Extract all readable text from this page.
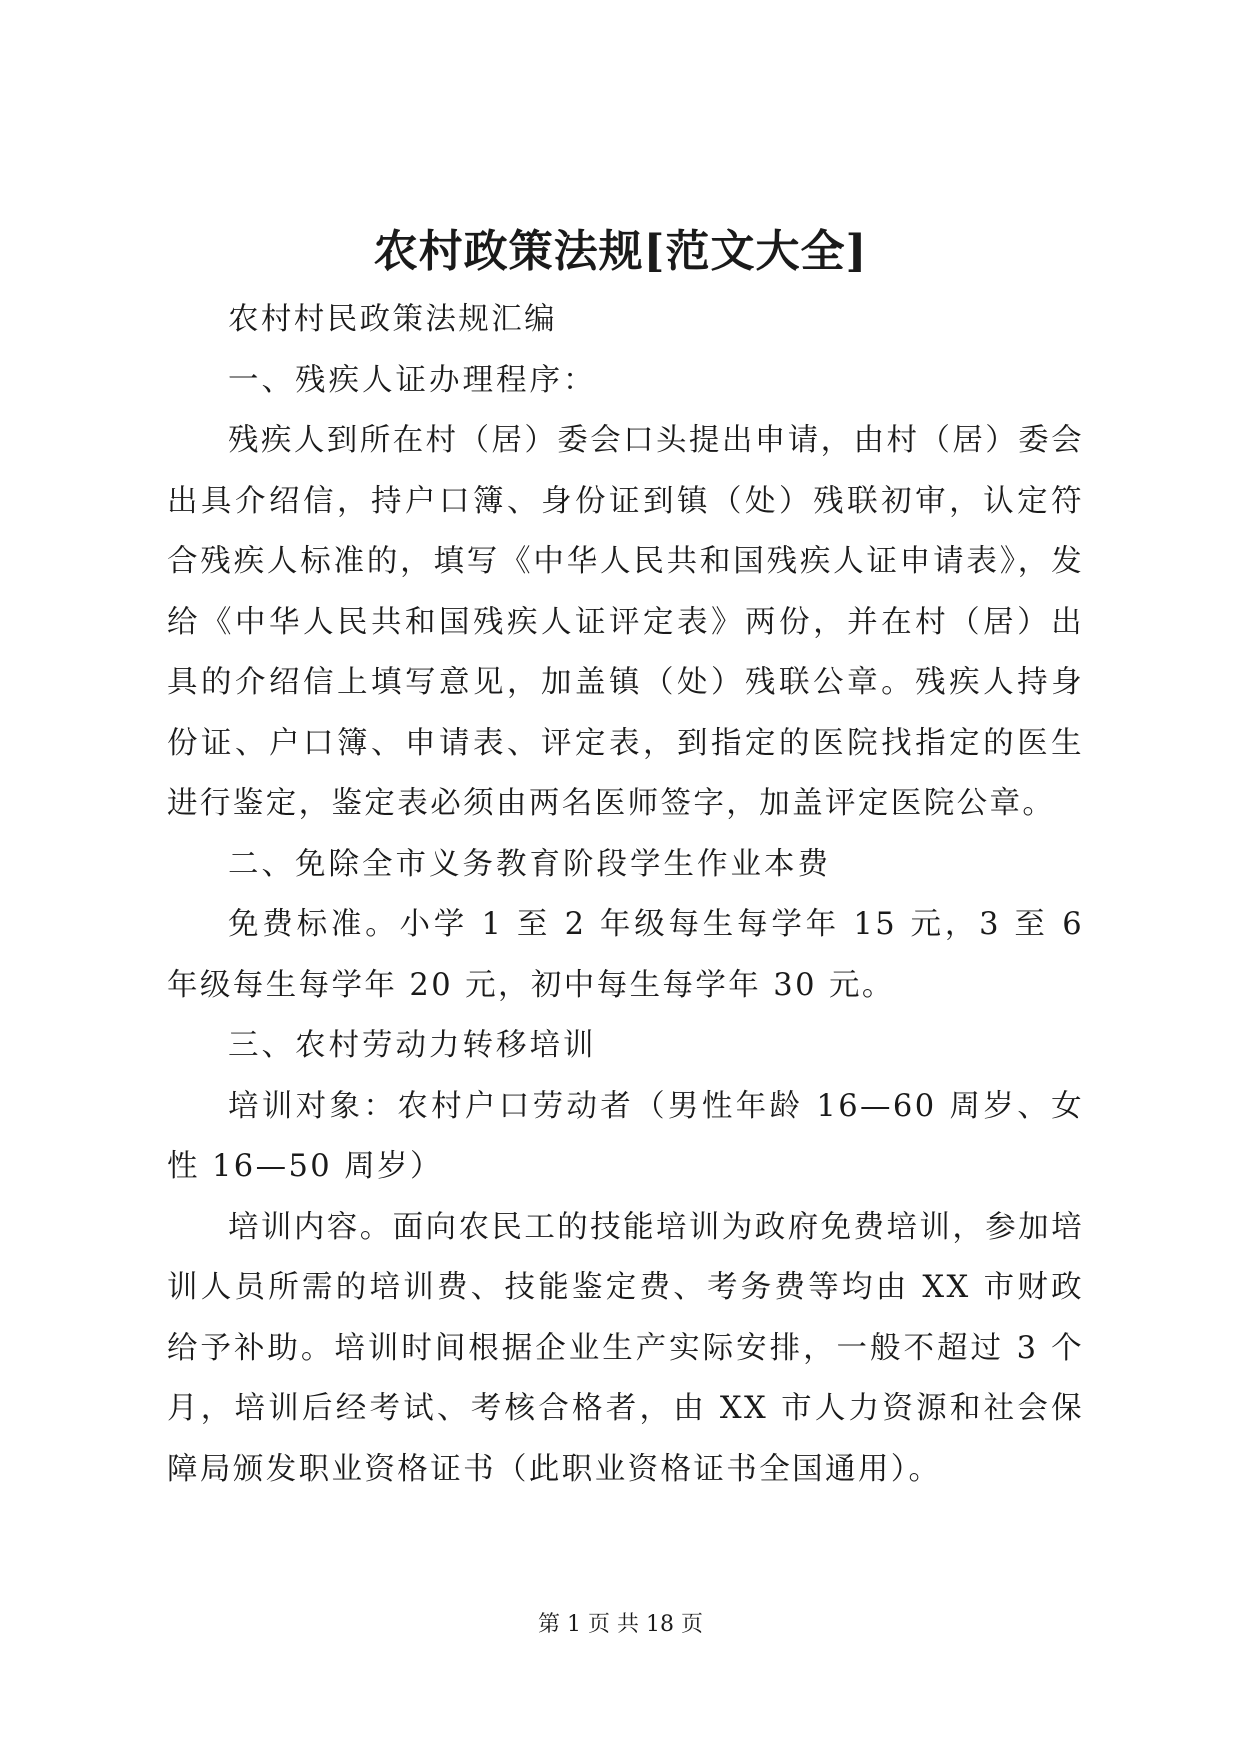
农村政策法规[范文大全]

农村村民政策法规汇编

一、残疾人证办理程序：

残疾人到所在村（居）委会口头提出申请，由村（居）委会出具介绍信，持户口簿、身份证到镇（处）残联初审，认定符合残疾人标准的，填写《中华人民共和国残疾人证申请表》，发给《中华人民共和国残疾人证评定表》两份，并在村（居）出具的介绍信上填写意见，加盖镇（处）残联公章。残疾人持身份证、户口簿、申请表、评定表，到指定的医院找指定的医生进行鉴定，鉴定表必须由两名医师签字，加盖评定医院公章。

二、免除全市义务教育阶段学生作业本费

免费标准。小学 1 至 2 年级每生每学年 15 元，3 至 6 年级每生每学年 20 元，初中每生每学年 30 元。

三、农村劳动力转移培训

培训对象：农村户口劳动者（男性年龄 16—60 周岁、女性 16—50 周岁）

培训内容。面向农民工的技能培训为政府免费培训，参加培训人员所需的培训费、技能鉴定费、考务费等均由 XX 市财政给予补助。培训时间根据企业生产实际安排，一般不超过 3 个月，培训后经考试、考核合格者，由 XX 市人力资源和社会保障局颁发职业资格证书（此职业资格证书全国通用）。

第 1 页 共 18 页
